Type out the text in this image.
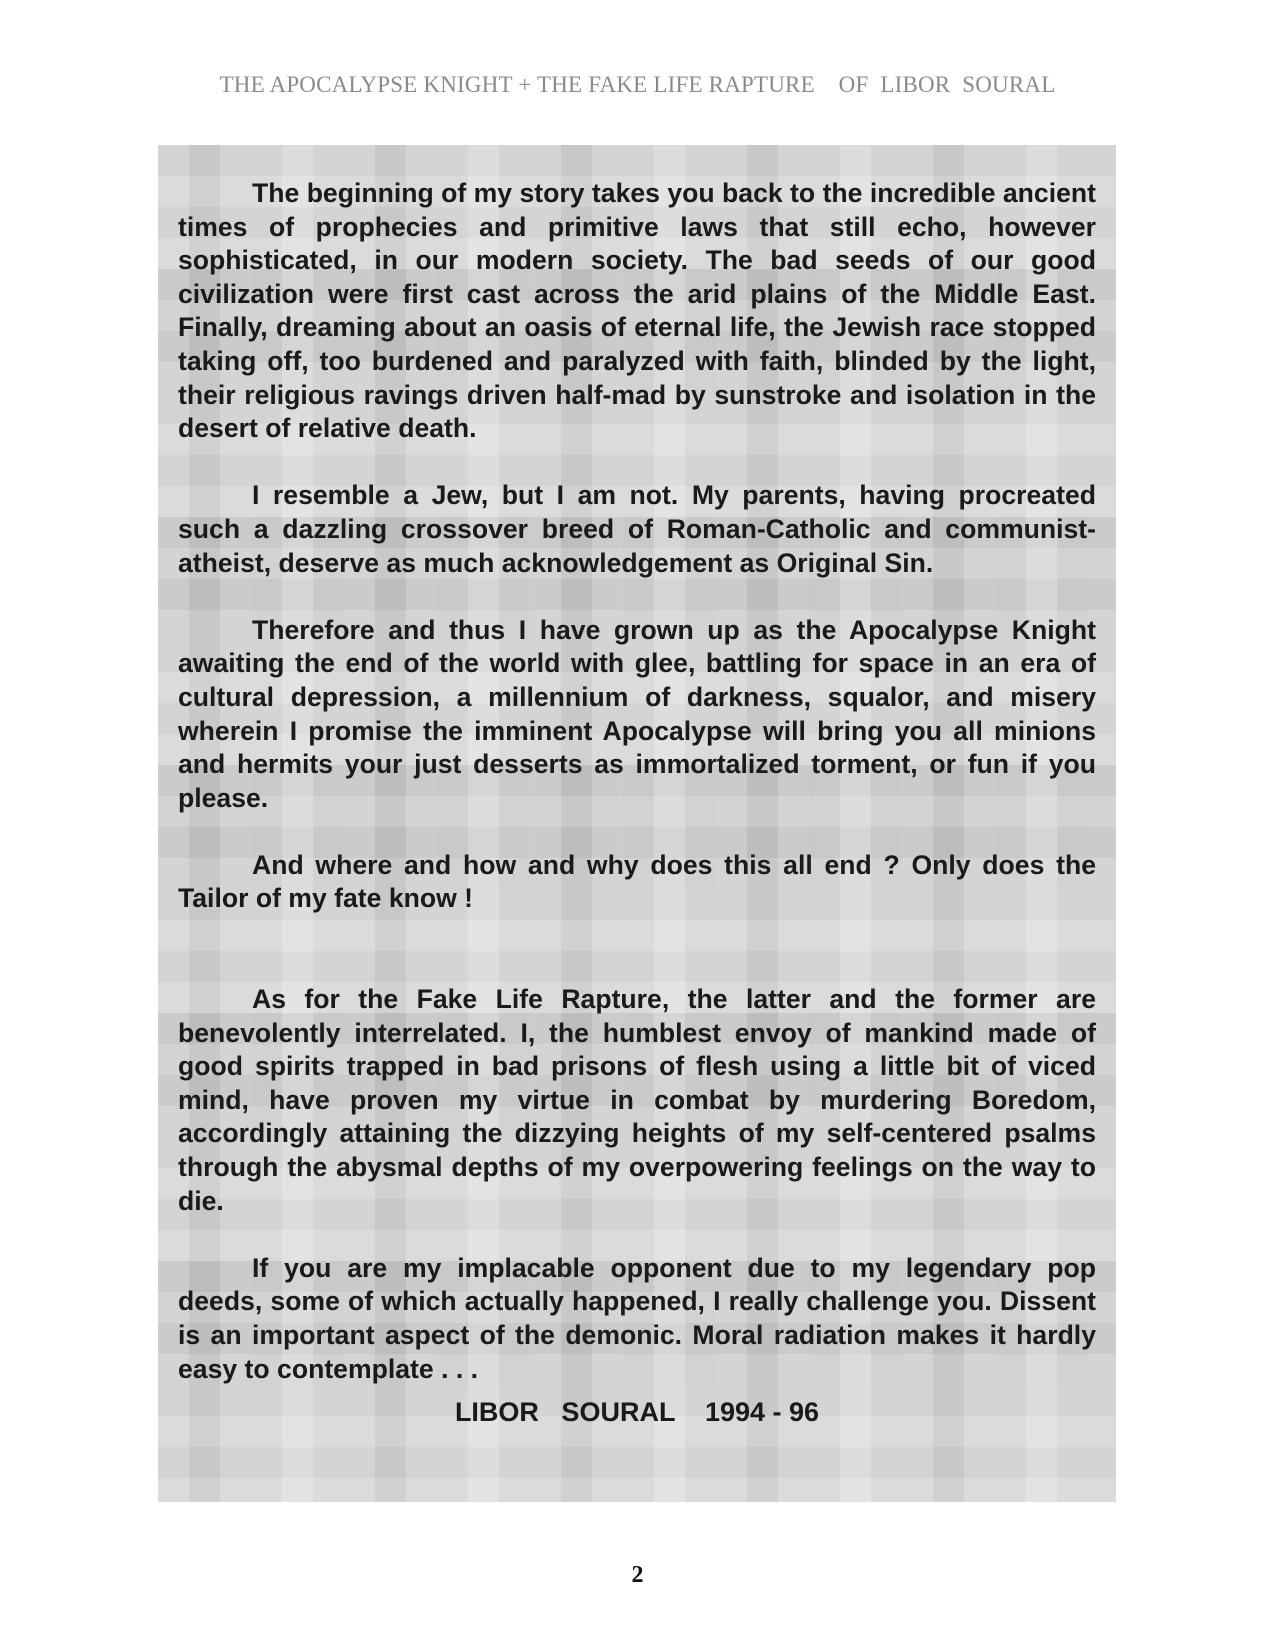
THE APOCALYPSE KNIGHT + THE FAKE LIFE RAPTURE    OF  LIBOR  SOURAL

The beginning of my story takes you back to the incredible ancient times of prophecies and primitive laws that still echo, however sophisticated, in our modern society. The bad seeds of our good civilization were first cast across the arid plains of the Middle East. Finally, dreaming about an oasis of eternal life, the Jewish race stopped taking off, too burdened and paralyzed with faith, blinded by the light, their religious ravings driven half-mad by sunstroke and isolation in the desert of relative death.

I resemble a Jew, but I am not. My parents, having procreated such a dazzling crossover breed of Roman-Catholic and communist-atheist, deserve as much acknowledgement as Original Sin.

Therefore and thus I have grown up as the Apocalypse Knight awaiting the end of the world with glee, battling for space in an era of cultural depression, a millennium of darkness, squalor, and misery wherein I promise the imminent Apocalypse will bring you all minions and hermits your just desserts as immortalized torment, or fun if you please.

And where and how and why does this all end ? Only does the Tailor of my fate know !

As for the Fake Life Rapture, the latter and the former are benevolently interrelated. I, the humblest envoy of mankind made of good spirits trapped in bad prisons of flesh using a little bit of viced mind, have proven my virtue in combat by murdering Boredom, accordingly attaining the dizzying heights of my self-centered psalms through the abysmal depths of my overpowering feelings on the way to die.

If you are my implacable opponent due to my legendary pop deeds, some of which actually happened, I really challenge you. Dissent is an important aspect of the demonic. Moral radiation makes it hardly easy to contemplate . . .

LIBOR   SOURAL    1994 - 96
2
